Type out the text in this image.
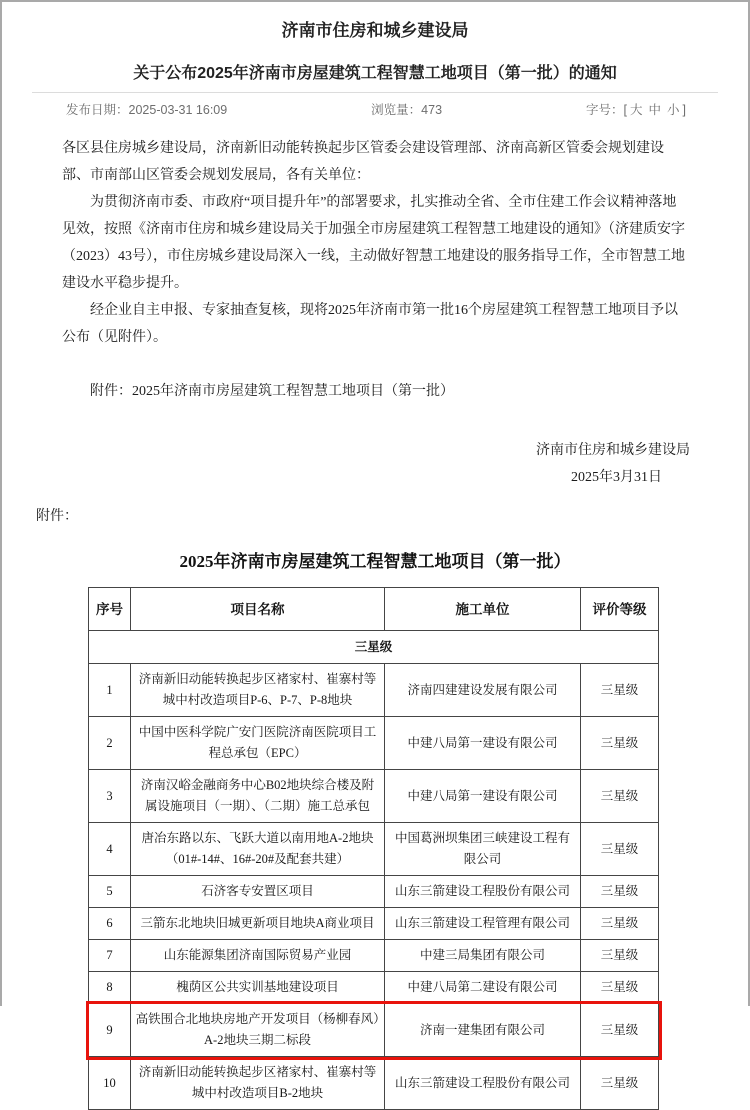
济南市住房和城乡建设局
关于公布2025年济南市房屋建筑工程智慧工地项目（第一批）的通知
发布日期：2025-03-31 16:09	浏览量：473	字号：[ 大 中 小 ]

各区县住房城乡建设局，济南新旧动能转换起步区管委会建设管理部、济南高新区管委会规划建设部、市南部山区管委会规划发展局，各有关单位：

为贯彻济南市委、市政府“项目提升年”的部署要求，扎实推动全省、全市住建工作会议精神落地见效，按照《济南市住房和城乡建设局关于加强全市房屋建筑工程智慧工地建设的通知》（济建质安字（2023）43号），市住房城乡建设局深入一线，主动做好智慧工地建设的服务指导工作，全市智慧工地建设水平稳步提升。

经企业自主申报、专家抽查复核，现将2025年济南市第一批16个房屋建筑工程智慧工地项目予以公布（见附件）。

附件：2025年济南市房屋建筑工程智慧工地项目（第一批）

济南市住房和城乡建设局
2025年3月31日
附件：
2025年济南市房屋建筑工程智慧工地项目（第一批）
序号	项目名称	施工单位	评价等级
三星级			
1	济南新旧动能转换起步区褚家村、崔寨村等城中村改造项目P-6、P-7、P-8地块	济南四建建设发展有限公司	三星级
2	中国中医科学院广安门医院济南医院项目工程总承包（EPC）	中建八局第一建设有限公司	三星级
3	济南汉峪金融商务中心B02地块综合楼及附属设施项目（一期）、（二期）施工总承包	中建八局第一建设有限公司	三星级
4	唐冶东路以东、飞跃大道以南用地A-2地块（01#-14#、16#-20#及配套共建）	中国葛洲坝集团三峡建设工程有限公司	三星级
5	石济客专安置区项目	山东三箭建设工程股份有限公司	三星级
6	三箭东北地块旧城更新项目地块A商业项目	山东三箭建设工程管理有限公司	三星级
7	山东能源集团济南国际贸易产业园	中建三局集团有限公司	三星级
8	槐荫区公共实训基地建设项目	中建八局第二建设有限公司	三星级
9	高铁围合北地块房地产开发项目（杨柳春风）A-2地块三期二标段	济南一建集团有限公司	三星级
10	济南新旧动能转换起步区褚家村、崔寨村等城中村改造项目B-2地块	山东三箭建设工程股份有限公司	三星级
